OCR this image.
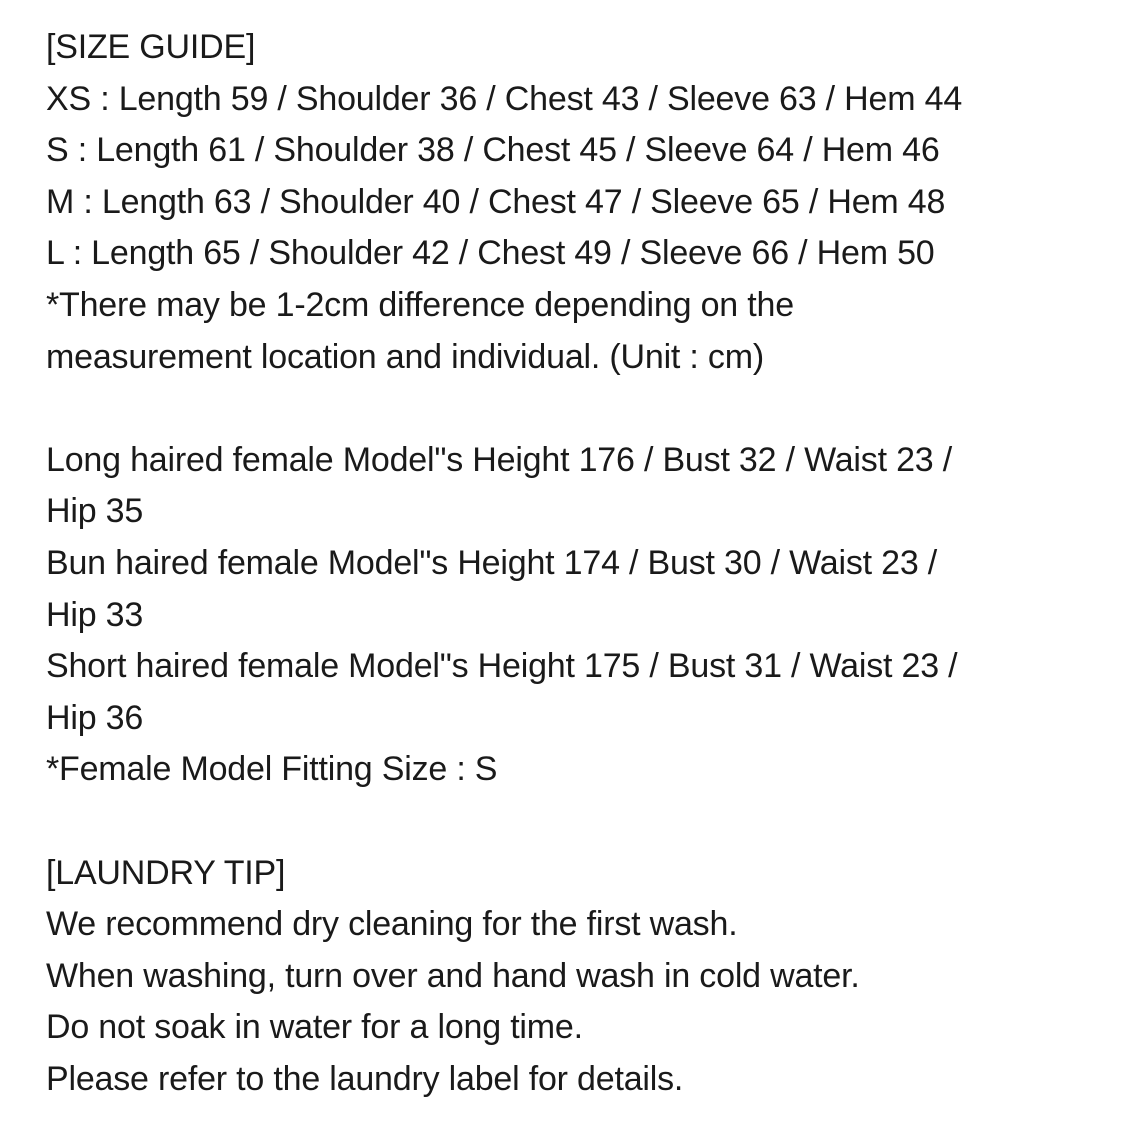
[SIZE GUIDE]
XS : Length 59 / Shoulder 36 / Chest 43 / Sleeve 63 / Hem 44
S : Length 61 / Shoulder 38 / Chest 45 / Sleeve 64 / Hem 46
M : Length 63 / Shoulder 40 / Chest 47 / Sleeve 65 / Hem 48
L : Length 65 / Shoulder 42 / Chest 49 / Sleeve 66 / Hem 50
*There may be 1-2cm difference depending on the
measurement location and individual. (Unit : cm)
Long haired female Model"s Height 176 / Bust 32 / Waist 23 /
Hip 35
Bun haired female Model"s Height 174 / Bust 30 / Waist 23 /
Hip 33
Short haired female Model"s Height 175 / Bust 31 / Waist 23 /
Hip 36
*Female Model Fitting Size : S
[LAUNDRY TIP]
We recommend dry cleaning for the first wash.
When washing, turn over and hand wash in cold water.
Do not soak in water for a long time.
Please refer to the laundry label for details.
